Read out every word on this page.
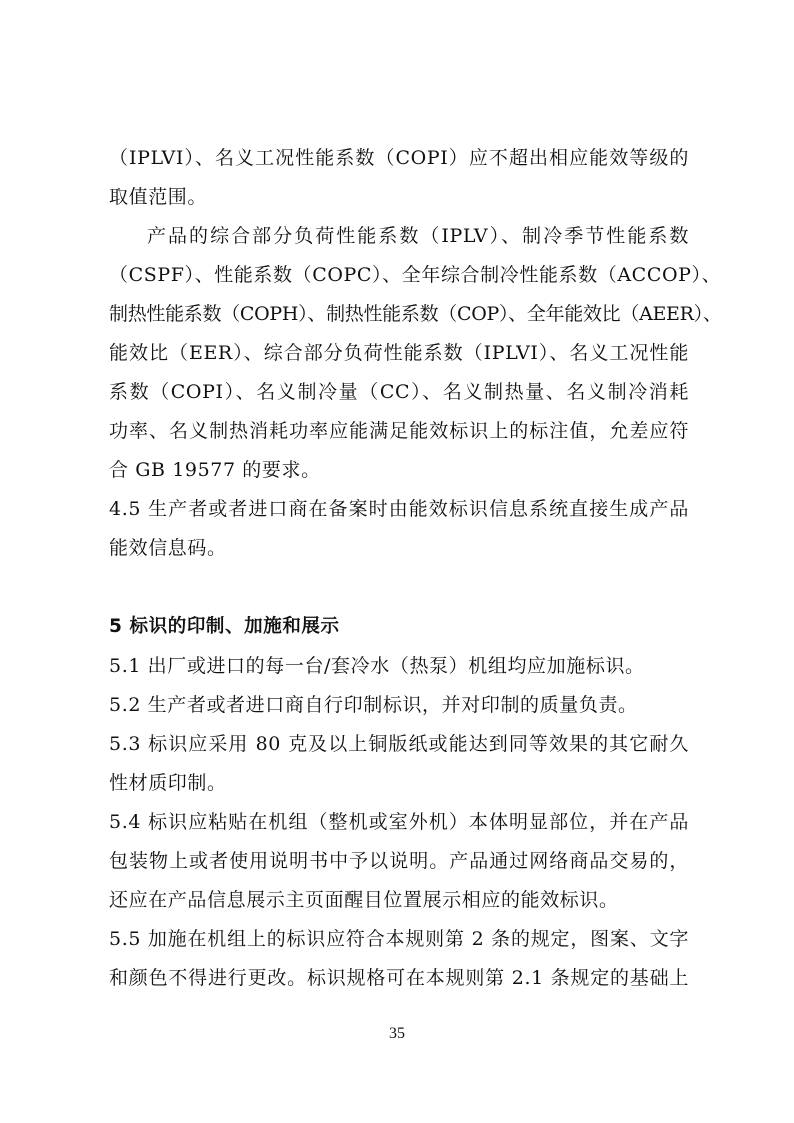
（IPLVI）、名义工况性能系数（COPI）应不超出相应能效等级的
取值范围。
产品的综合部分负荷性能系数（IPLV）、制冷季节性能系数
（CSPF）、性能系数（COPC）、全年综合制冷性能系数（ACCOP）、
制热性能系数（COPH）、制热性能系数（COP）、全年能效比（AEER）、
能效比（EER）、综合部分负荷性能系数（IPLVI）、名义工况性能
系数（COPI）、名义制冷量（CC）、名义制热量、名义制冷消耗
功率、名义制热消耗功率应能满足能效标识上的标注值，允差应符
合 GB 19577 的要求。
4.5 生产者或者进口商在备案时由能效标识信息系统直接生成产品
能效信息码。
5 标识的印制、加施和展示
5.1 出厂或进口的每一台/套冷水（热泵）机组均应加施标识。
5.2 生产者或者进口商自行印制标识，并对印制的质量负责。
5.3 标识应采用 80 克及以上铜版纸或能达到同等效果的其它耐久
性材质印制。
5.4 标识应粘贴在机组（整机或室外机）本体明显部位，并在产品
包装物上或者使用说明书中予以说明。产品通过网络商品交易的，
还应在产品信息展示主页面醒目位置展示相应的能效标识。
5.5 加施在机组上的标识应符合本规则第 2 条的规定，图案、文字
和颜色不得进行更改。标识规格可在本规则第 2.1 条规定的基础上
35
